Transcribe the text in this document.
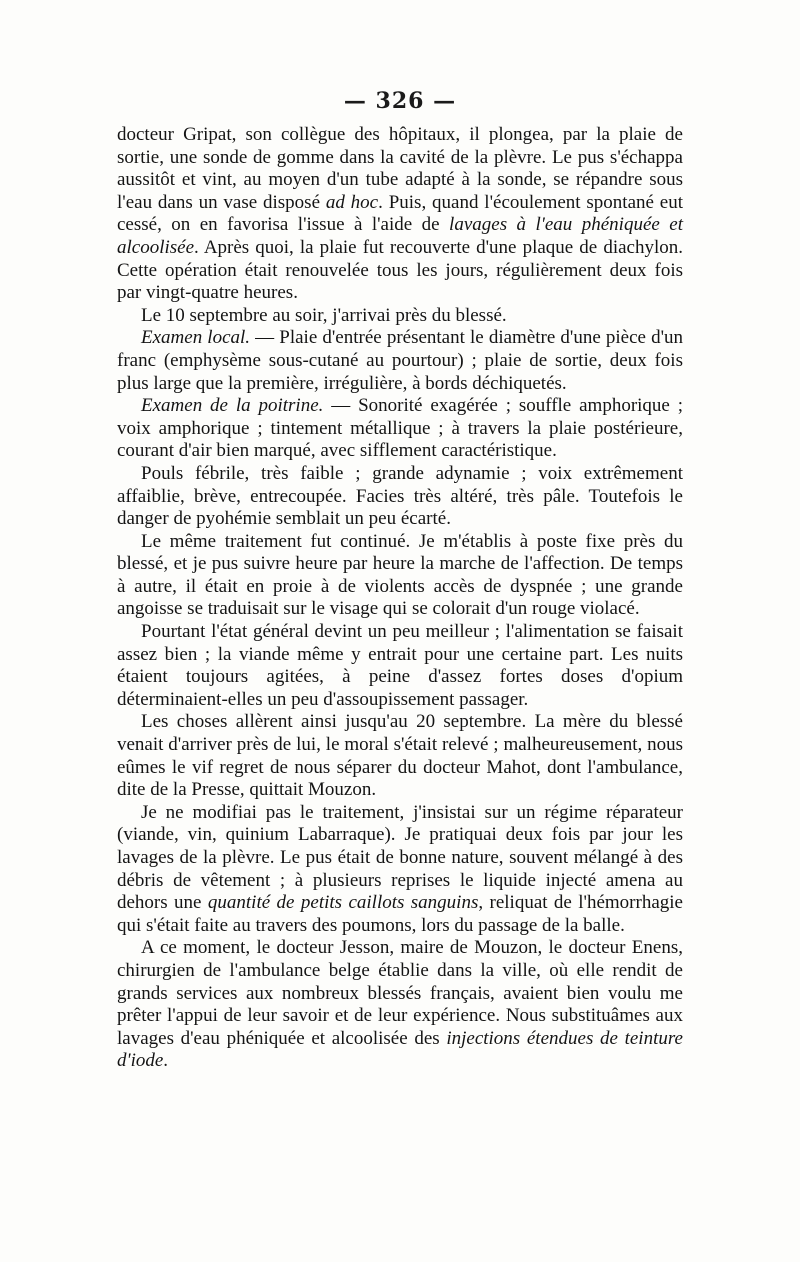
— 326 —

docteur Gripat, son collègue des hôpitaux, il plongea, par la plaie de sortie, une sonde de gomme dans la cavité de la plèvre. Le pus s'échappa aussitôt et vint, au moyen d'un tube adapté à la sonde, se répandre sous l'eau dans un vase disposé ad hoc. Puis, quand l'écoulement spontané eut cessé, on en favorisa l'issue à l'aide de lavages à l'eau phéniquée et alcoolisée. Après quoi, la plaie fut recouverte d'une plaque de diachylon. Cette opération était renouvelée tous les jours, régulièrement deux fois par vingt-quatre heures.

Le 10 septembre au soir, j'arrivai près du blessé.

Examen local. — Plaie d'entrée présentant le diamètre d'une pièce d'un franc (emphysème sous-cutané au pourtour) ; plaie de sortie, deux fois plus large que la première, irrégulière, à bords déchiquetés.

Examen de la poitrine. — Sonorité exagérée ; souffle amphorique ; voix amphorique ; tintement métallique ; à travers la plaie postérieure, courant d'air bien marqué, avec sifflement caractéristique.

Pouls fébrile, très faible ; grande adynamie ; voix extrêmement affaiblie, brève, entrecoupée. Facies très altéré, très pâle. Toutefois le danger de pyohémie semblait un peu écarté.

Le même traitement fut continué. Je m'établis à poste fixe près du blessé, et je pus suivre heure par heure la marche de l'affection. De temps à autre, il était en proie à de violents accès de dyspnée ; une grande angoisse se traduisait sur le visage qui se colorait d'un rouge violacé.

Pourtant l'état général devint un peu meilleur ; l'alimentation se faisait assez bien ; la viande même y entrait pour une certaine part. Les nuits étaient toujours agitées, à peine d'assez fortes doses d'opium déterminaient-elles un peu d'assoupissement passager.

Les choses allèrent ainsi jusqu'au 20 septembre. La mère du blessé venait d'arriver près de lui, le moral s'était relevé ; malheureusement, nous eûmes le vif regret de nous séparer du docteur Mahot, dont l'ambulance, dite de la Presse, quittait Mouzon.

Je ne modifiai pas le traitement, j'insistai sur un régime réparateur (viande, vin, quinium Labarraque). Je pratiquai deux fois par jour les lavages de la plèvre. Le pus était de bonne nature, souvent mélangé à des débris de vêtement ; à plusieurs reprises le liquide injecté amena au dehors une quantité de petits caillots sanguins, reliquat de l'hémorrhagie qui s'était faite au travers des poumons, lors du passage de la balle.

A ce moment, le docteur Jesson, maire de Mouzon, le docteur Enens, chirurgien de l'ambulance belge établie dans la ville, où elle rendit de grands services aux nombreux blessés français, avaient bien voulu me prêter l'appui de leur savoir et de leur expérience. Nous substituâmes aux lavages d'eau phéniquée et alcoolisée des injections étendues de teinture d'iode.
